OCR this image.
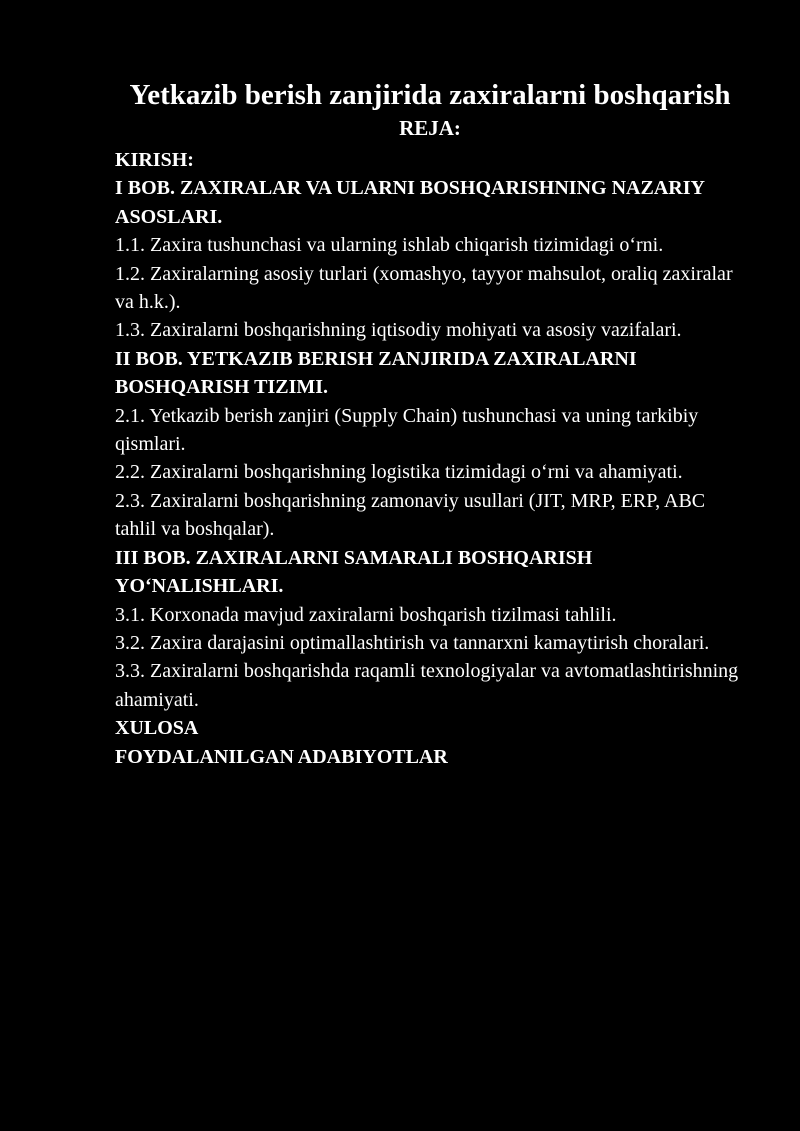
Yetkazib berish zanjirida zaxiralarni boshqarish
REJA:
KIRISH:
I BOB. ZAXIRALAR VA ULARNI BOSHQARISHNING NAZARIY ASOSLARI.
1.1. Zaxira tushunchasi va ularning ishlab chiqarish tizimidagi o‘rni.
1.2. Zaxiralarning asosiy turlari (xomashyo, tayyor mahsulot, oraliq zaxiralar va h.k.).
1.3. Zaxiralarni boshqarishning iqtisodiy mohiyati va asosiy vazifalari.
II BOB. YETKAZIB BERISH ZANJIRIDA ZAXIRALARNI BOSHQARISH TIZIMI.
2.1. Yetkazib berish zanjiri (Supply Chain) tushunchasi va uning tarkibiy qismlari.
2.2. Zaxiralarni boshqarishning logistika tizimidagi o‘rni va ahamiyati.
2.3. Zaxiralarni boshqarishning zamonaviy usullari (JIT, MRP, ERP, ABC tahlil va boshqalar).
III BOB. ZAXIRALARNI SAMARALI BOSHQARISH YO‘NALISHLARI.
3.1. Korxonada mavjud zaxiralarni boshqarish tizilmasi tahlili.
3.2. Zaxira darajasini optimallashtirish va tannarxni kamaytirish choralari.
3.3. Zaxiralarni boshqarishda raqamli texnologiyalar va avtomatlashtirishning ahamiyati.
XULOSA
FOYDALANILGAN ADABIYOTLAR
